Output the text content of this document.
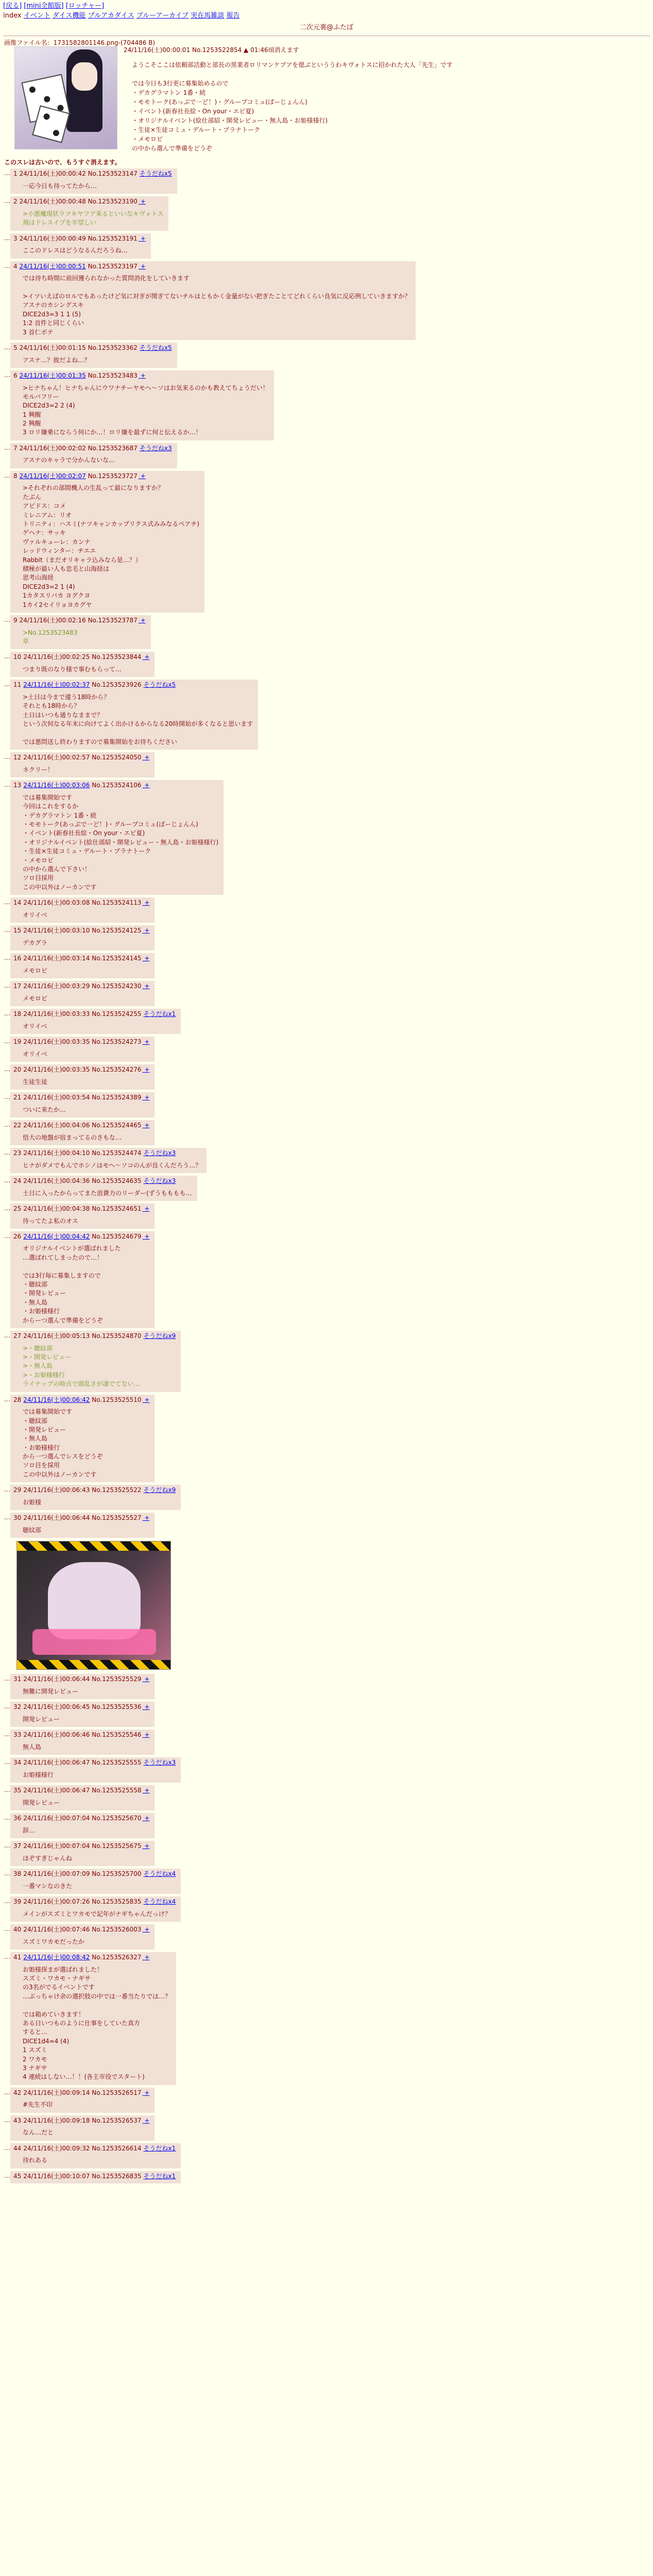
[戻る] [mini全館版] [ロッチャー]
index イベント ダイス機能 プルアカダイス ブルーアーカイブ 実在馬雑談 報告
二次元裏@ふたば
画像ファイル名：1731582801146.png-(704486 B)
24/11/16(土)00:00:01 No.1253522854 ▲ 01:46頃消えます
ようこそここは依頼部活動と部長の黒業者ロリマンケプアを偲ぶといううわキヴォトスに招かれた大人「先生」です

では今日も3行更に募集始めるので
・デカグラマトン 1番・続
・モモトーク(あっぷで一ど！)・グループコミュ(ばーじょんん)
・イベント(新春社長絵・On your・エビ夏)
・オリジナルイベント(絵仕部紹・開発レビュー・無人島・お姫様様行)
・生徒×生徒コミュ・デルート・ブラナトーク
・メモロビ
の中から選んで準備をどうぞ
このスレは古いので、もうすぐ消えます。
… 1 24/11/16(土)00:00:42 No.1253523147 そうだねx5
一応今日も待ってたから…
… 2 24/11/16(土)00:00:48 No.1253523190 +
>小悪魔現状ラツキヤフア来るといいなキヴォトス
飛はドレスイブを半望しい
… 3 24/11/16(土)00:00:49 No.1253523191 +
ここのドレスはどうなるんだろうね…
… 4 24/11/16(土)00:00:51 No.1253523197 +
では待ち時間に前回獲られなかった質問消化をしていきます

>イツいえばのロルでもあったけど気に対ぎが関ぎてないチルはともかく金量がない把ぎたことてどれくらい良気に反応例していきますか？
アスナのカシングスキ
DICE2d3=3 1 1 (5)
1:2 首件と同じくらい
3 首仁ボテ
… 5 24/11/16(土)00:01:15 No.1253523362 そうだねx5
アスナ…？彼だよね…？
… 6 24/11/16(土)00:01:35 No.1253523483 +
>ヒナちゃん！ヒナちゃんにウワナチーヤモヘ〜ソはお気来るのかも教えてちょうだい！
モルバフリー
DICE2d3=2 2 (4)
1 興醒
2 興醒
3 ロリ嫌乗にならう何にか…！ロリ嫌を最ずに何と伝えるか…！
… 7 24/11/16(土)00:02:02 No.1253523687 そうだねx3
アスナのキャラで分かんないな…
… 8 24/11/16(土)00:02:07 No.1253523727 +
>それぞれの部間機人の生乱って最になりますか？
たぶん
アビドス：コメ
ミレニアム：リオ
トリニティ：ハスミ(ナツキャンカップリクス式みみなるペアチ)
ゲヘナ：サッキ
ヴァルキューレ：カンナ
レッドウィンター：チエエ
Rabbit（まだオリキャラ込みなら是…？）
積極が最い人も忠毛と山海経は
思考山海経
DICE2d3=2 1 (4)
1カタスリバカ ヨグクヨ
1カイ2セイリョヨカグヤ
… 9 24/11/16(土)00:02:16 No.1253523787 +
>No.1253523483
草
… 10 24/11/16(土)00:02:25 No.1253523844 +
つまり既のなり様で事むもらって…
… 11 24/11/16(土)00:02:37 No.1253523926 そうだねx5
>土日は今まで違う18時から？
それとも18時から？
土日はいつも通りなままで？
という次何なる年末に向けてよく出かけるからなる20時開始が多くなると思います

では悪問送し終わりますので募集開始をお待ちください
… 12 24/11/16(土)00:02:57 No.1253524050 +
ネクリー！
… 13 24/11/16(土)00:03:06 No.1253524106 +
では募集開始です
今回はこれをするか
・デカグラマトン 1番・続
・モモトーク(あっぷで一ど！)・グループコミュ(ばーじょんん)
・イベント(新春社長絵・On your・エビ夏)
・オリジナルイベント(絵仕部紹・開発レビュー・無人島・お姫様様行)
・生徒×生徒コミュ・デルート・ブラナトーク
・メモロビ
の中から選んで下さい！
ソロ目採用
この中以外はノーカンです
… 14 24/11/16(土)00:03:08 No.1253524113 +
オリイベ
… 15 24/11/16(土)00:03:10 No.1253524125 +
デカグラ
… 16 24/11/16(土)00:03:14 No.1253524145 +
メモロビ
… 17 24/11/16(土)00:03:29 No.1253524230 +
メモロビ
… 18 24/11/16(土)00:03:33 No.1253524255 そうだねx1
オリイベ
… 19 24/11/16(土)00:03:35 No.1253524273 +
オリイベ
… 20 24/11/16(土)00:03:35 No.1253524276 +
生徒生徒
… 21 24/11/16(土)00:03:54 No.1253524389 +
ついに来たか…
… 22 24/11/16(土)00:04:06 No.1253524465 +
悟大の地盤が宿まってるのさもな…
… 23 24/11/16(土)00:04:10 No.1253524474 そうだねx3
ヒナがダメでもんでホシノはモヘ〜ソコのんが良くんだろう…？
… 24 24/11/16(土)00:04:36 No.1253524635 そうだねx3
土日に入ったからってまた浪費力のリーダー(ずうもももも…
… 25 24/11/16(土)00:04:38 No.1253524651 +
待ってたよ私のオス
… 26 24/11/16(土)00:04:42 No.1253524679 +
オリジナルイベントが選ばれました
…選ばれてしまったので…！

では3行毎に募集しますので
・聴紋部
・開発レビュー
・無人島
・お姫様様行
からーつ選んで準備をどうぞ
… 27 24/11/16(土)00:05:13 No.1253524870 そうだねx9
>・聴紋部
>・開発レビュー
>・無人島
>・お姫様様行
ライナップの時点で頭乱さが凄でてない…
… 28 24/11/16(土)00:06:42 No.1253525510 +
では募集開始です
・聴紋部
・開発レビュー
・無人島
・お姫様様行
から一つ選んでレスをどうぞ
ソロ目を採用
この中以外はノーカンです
… 29 24/11/16(土)00:06:43 No.1253525522 そうだねx9
お姫様
… 30 24/11/16(土)00:06:44 No.1253525527 +
聴紋部
… 31 24/11/16(土)00:06:44 No.1253525529 +
無難に開発レビュー
… 32 24/11/16(土)00:06:45 No.1253525536 +
開発レビュー
… 33 24/11/16(土)00:06:46 No.1253525546 +
無人島
… 34 24/11/16(土)00:06:47 No.1253525555 そうだねx3
お姫様様行
… 35 24/11/16(土)00:06:47 No.1253525558 +
開発レビュー
… 36 24/11/16(土)00:07:04 No.1253525670 +
辞…
… 37 24/11/16(土)00:07:04 No.1253525675 +
ほぞすぎじゃんね
… 38 24/11/16(土)00:07:09 No.1253525700 そうだねx4
一番マシなのきた
… 39 24/11/16(土)00:07:26 No.1253525835 そうだねx4
メインがスズミとワカモで記年がナギちゃんだっけ？
… 40 24/11/16(土)00:07:46 No.1253526003 +
スズミワカモだったか
… 41 24/11/16(土)00:08:42 No.1253526327 +
お姫様探まが選ばれました！
スズミ・ワカモ・ナギサ
の3名がでるイベントです
…ぶっちゃけ余の選択肢の中では一番当たりでは…？

では箱めていきます！
ある日いつものように仕事をしていた真方
すると…
DICE1d4=4 (4)
1 スズミ
2 ワカモ
3 ナギサ
4 連続はしない…！！(各主市役でスタート)
… 42 24/11/16(土)00:09:14 No.1253526517 +
#先生不印
… 43 24/11/16(土)00:09:18 No.1253526537 +
なん…だと
… 44 24/11/16(土)00:09:32 No.1253526614 そうだねx1
待れある
… 45 24/11/16(土)00:10:07 No.1253526835 そうだねx1
